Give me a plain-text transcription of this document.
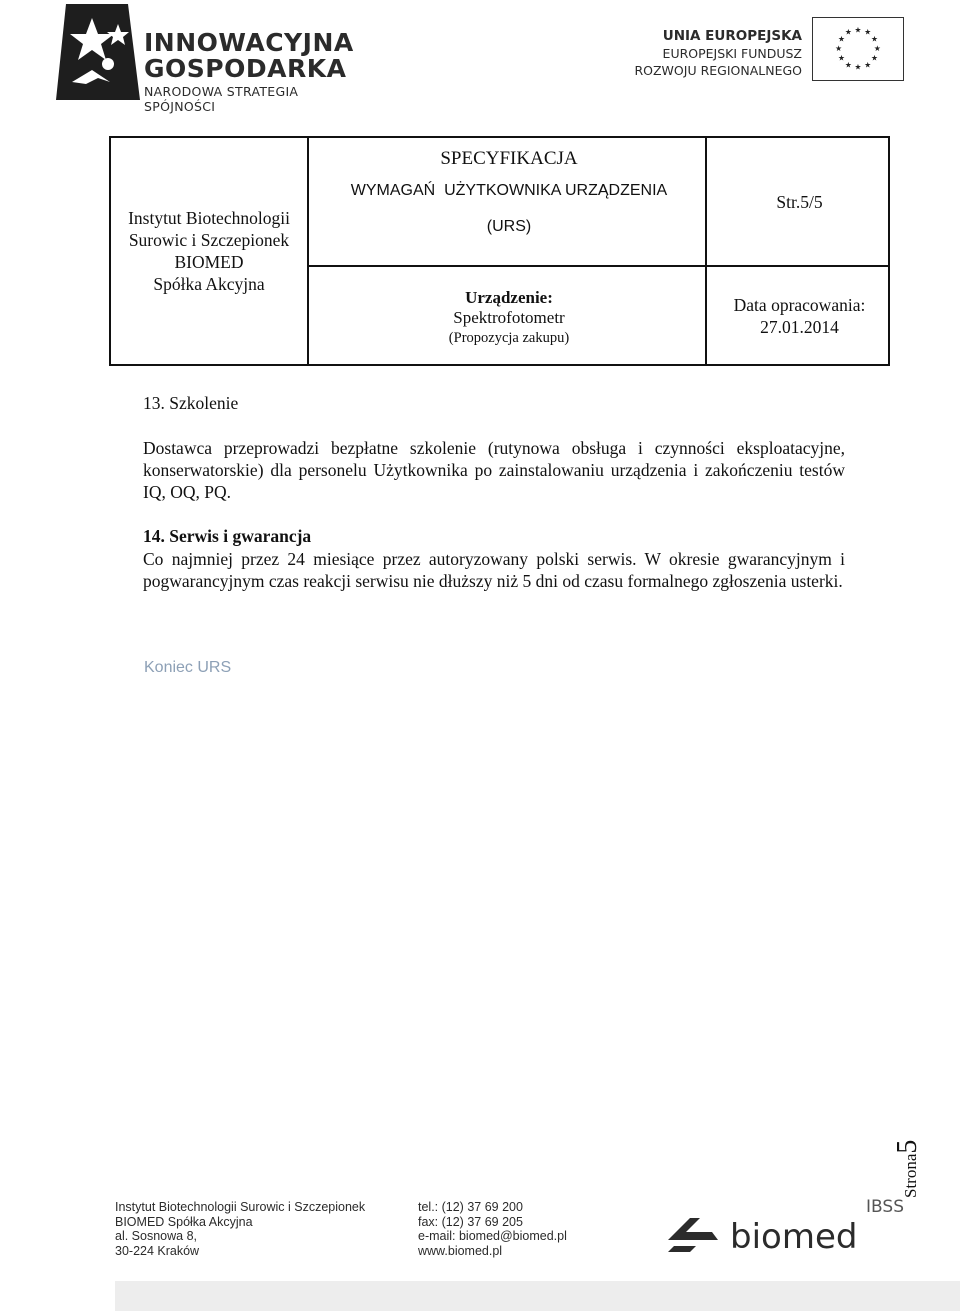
INNOWACYJNA
GOSPODARKA
NARODOWA STRATEGIA SPÓJNOŚCI
UNIA EUROPEJSKA
EUROPEJSKI FUNDUSZ
ROZWOJU REGIONALNEGO
★ ★
★
★
★
★
★
★
★
★
★
★
Instytut Biotechnologii
Surowic i Szczepionek
BIOMED
Spółka Akcyjna
SPECYFIKACJA
WYMAGAŃ  UŻYTKOWNIKA URZĄDZENIA
(URS)
Urządzenie:
Spektrofotometr
(Propozycja zakupu)
Str.5/5
Data opracowania:
27.01.2014
13. Szkolenie
Dostawca przeprowadzi bezpłatne szkolenie (rutynowa obsługa i czynności eksploatacyjne, konserwatorskie) dla personelu Użytkownika po zainstalowaniu urządzenia i zakończeniu testów IQ, OQ, PQ.
14. Serwis i gwarancja
Co najmniej przez 24 miesiące przez autoryzowany polski serwis. W okresie gwarancyjnym i pogwarancyjnym czas reakcji serwisu nie dłuższy niż 5 dni od czasu formalnego zgłoszenia usterki.
Koniec URS
Strona5
Instytut Biotechnologii Surowic i Szczepionek
BIOMED Spółka Akcyjna
al. Sosnowa 8,
30-224 Kraków
tel.: (12) 37 69 200
fax: (12) 37 69 205
e-mail: biomed@biomed.pl
www.biomed.pl
IBSS
biomed
